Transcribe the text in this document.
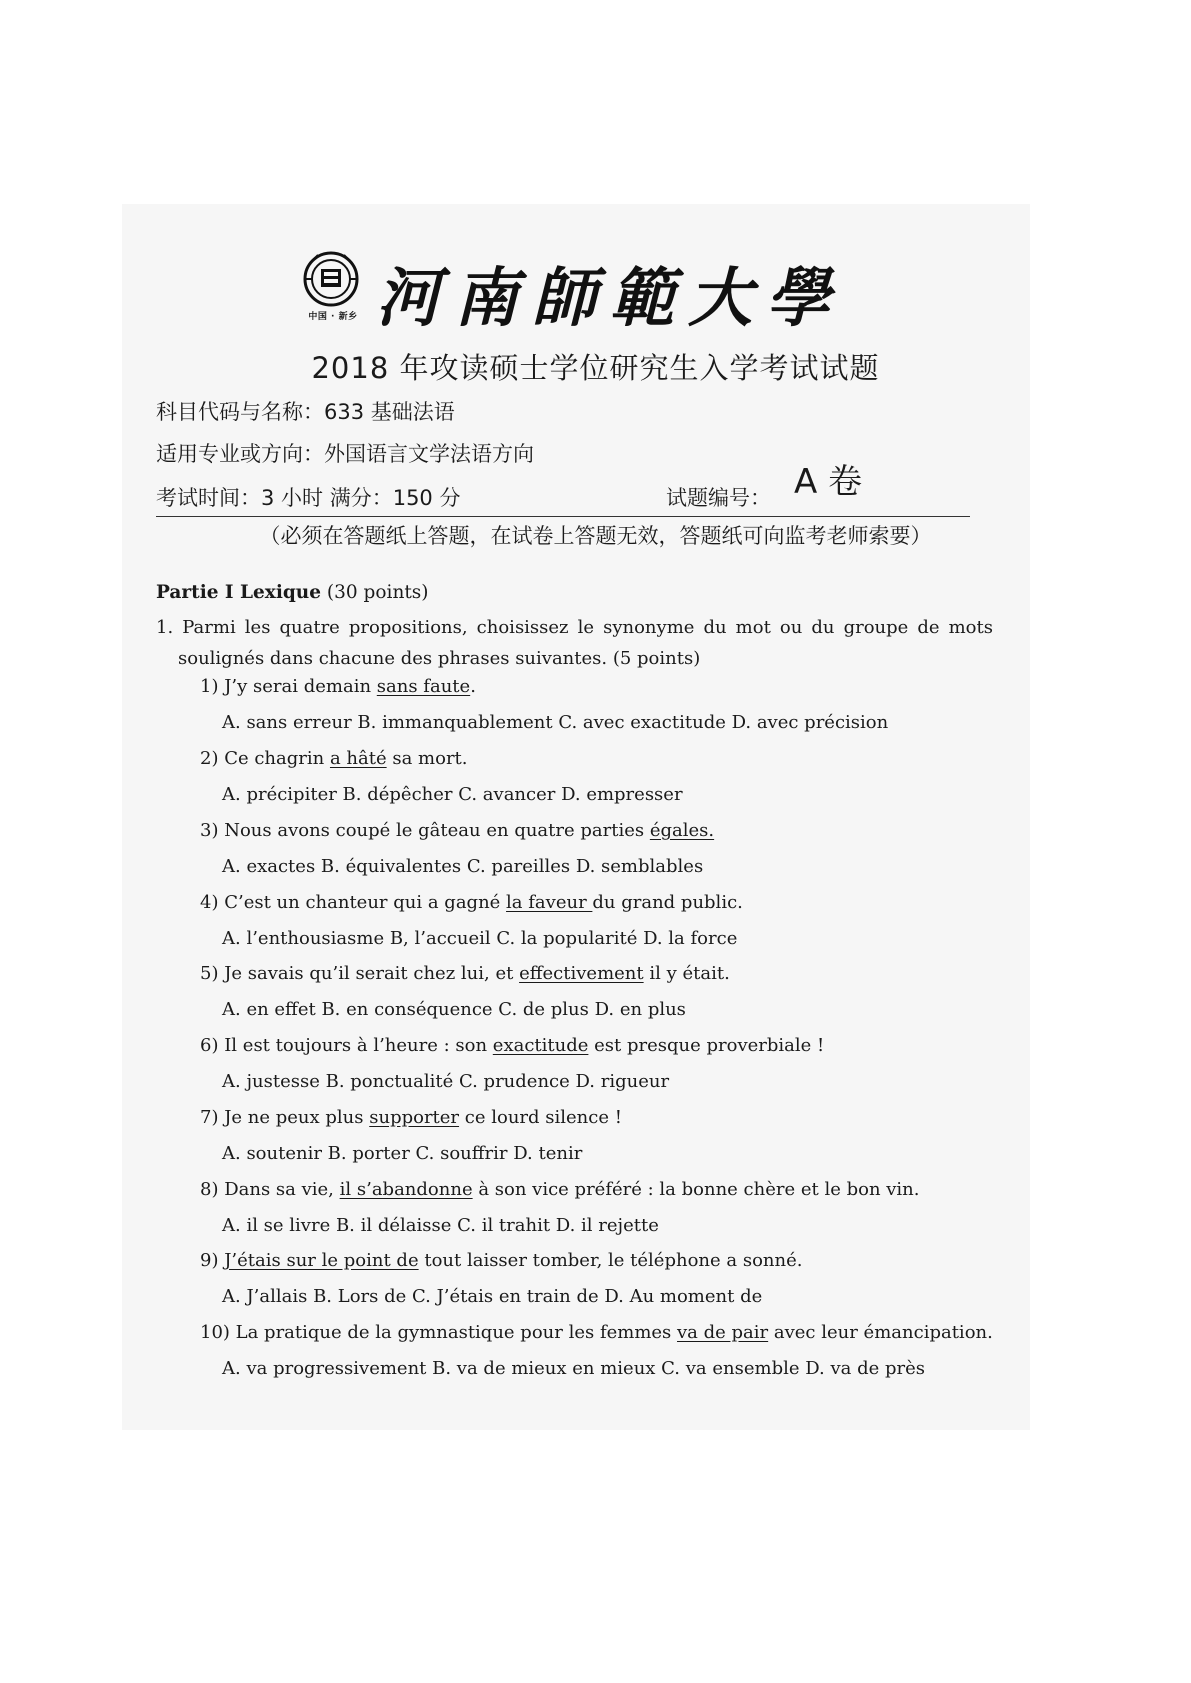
中国 · 新乡 河南師範大學
2018 年攻读硕士学位研究生入学考试试题
科目代码与名称：633 基础法语
适用专业或方向：外国语言文学法语方向
考试时间：3 小时 满分：150 分	试题编号： A 卷
（必须在答题纸上答题，在试卷上答题无效，答题纸可向监考老师索要）
Partie I Lexique (30 points)
1. Parmi les quatre propositions, choisissez le synonyme du mot ou du groupe de mots soulignés dans chacune des phrases suivantes. (5 points)
1) J’y serai demain sans faute.
A. sans erreur B. immanquablement C. avec exactitude D. avec précision
2) Ce chagrin a hâté sa mort.
A. précipiter B. dépêcher C. avancer D. empresser
3) Nous avons coupé le gâteau en quatre parties égales.
A. exactes B. équivalentes C. pareilles D. semblables
4) C’est un chanteur qui a gagné la faveur du grand public.
A. l’enthousiasme B, l’accueil C. la popularité D. la force
5) Je savais qu’il serait chez lui, et effectivement il y était.
A. en effet B. en conséquence C. de plus D. en plus
6) Il est toujours à l’heure : son exactitude est presque proverbiale !
A. justesse B. ponctualité C. prudence D. rigueur
7) Je ne peux plus supporter ce lourd silence !
A. soutenir B. porter C. souffrir D. tenir
8) Dans sa vie, il s’abandonne à son vice préféré : la bonne chère et le bon vin.
A. il se livre B. il délaisse C. il trahit D. il rejette
9) J’étais sur le point de tout laisser tomber, le téléphone a sonné.
A. J’allais B. Lors de C. J’étais en train de D. Au moment de
10) La pratique de la gymnastique pour les femmes va de pair avec leur émancipation.
A. va progressivement B. va de mieux en mieux C. va ensemble D. va de près
